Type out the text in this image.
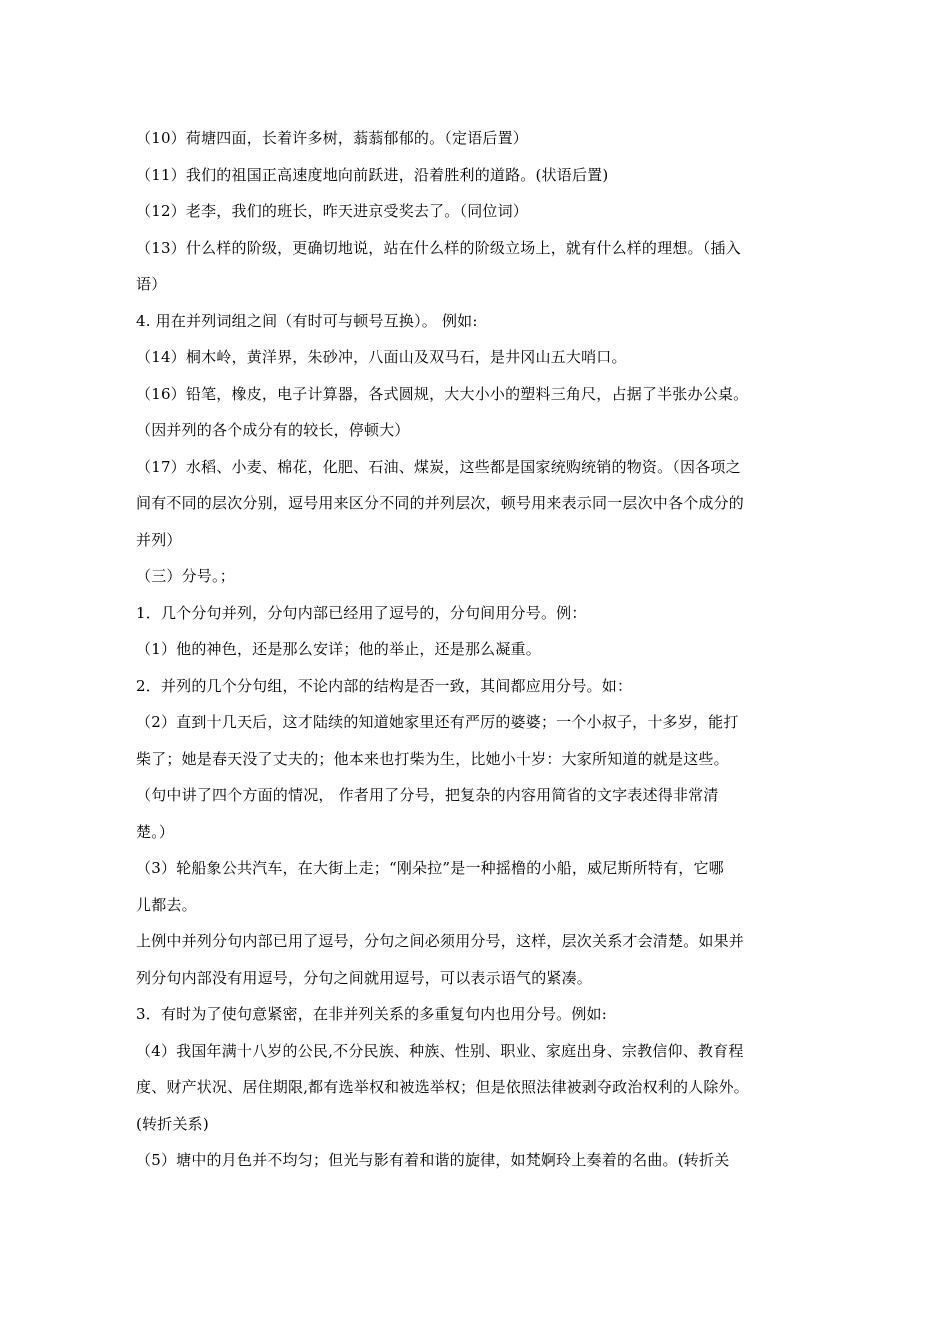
（10）荷塘四面，长着许多树，蓊蓊郁郁的。（定语后置）
（11）我们的祖国正高速度地向前跃进，沿着胜利的道路。(状语后置)
（12）老李，我们的班长，昨天进京受奖去了。（同位词）
（13）什么样的阶级，更确切地说，站在什么样的阶级立场上，就有什么样的理想。（插入
语）
4. 用在并列词组之间（有时可与顿号互换）。 例如:
（14）桐木岭，黄洋界，朱砂冲，八面山及双马石，是井冈山五大哨口。
（16）铅笔，橡皮，电子计算器，各式圆规，大大小小的塑料三角尺，占据了半张办公桌。
（因并列的各个成分有的较长，停顿大）
（17）水稻、小麦、棉花，化肥、石油、煤炭，这些都是国家统购统销的物资。（因各项之
间有不同的层次分别，逗号用来区分不同的并列层次，顿号用来表示同一层次中各个成分的
并列）
（三）分号。；
1．几个分句并列，分句内部已经用了逗号的，分句间用分号。例：
（1）他的神色，还是那么安详；他的举止，还是那么凝重。
2．并列的几个分句组，不论内部的结构是否一致，其间都应用分号。如：
（2）直到十几天后，这才陆续的知道她家里还有严厉的婆婆；一个小叔子，十多岁，能打
柴了；她是春天没了丈夫的；他本来也打柴为生，比她小十岁：大家所知道的就是这些。
（句中讲了四个方面的情况， 作者用了分号，把复杂的内容用简省的文字表述得非常清
楚。）
（3）轮船象公共汽车，在大街上走；“刚朵拉”是一种摇橹的小船，威尼斯所特有，它哪
儿都去。
上例中并列分句内部已用了逗号，分句之间必须用分号，这样，层次关系才会清楚。如果并
列分句内部没有用逗号，分句之间就用逗号，可以表示语气的紧凑。
3．有时为了使句意紧密，在非并列关系的多重复句内也用分号。例如:
（4）我国年满十八岁的公民,不分民族、种族、性别、职业、家庭出身、宗教信仰、教育程
度、财产状况、居住期限,都有选举权和被选举权；但是依照法律被剥夺政治权利的人除外。
(转折关系)
（5）塘中的月色并不均匀；但光与影有着和谐的旋律，如梵婀玲上奏着的名曲。(转折关
